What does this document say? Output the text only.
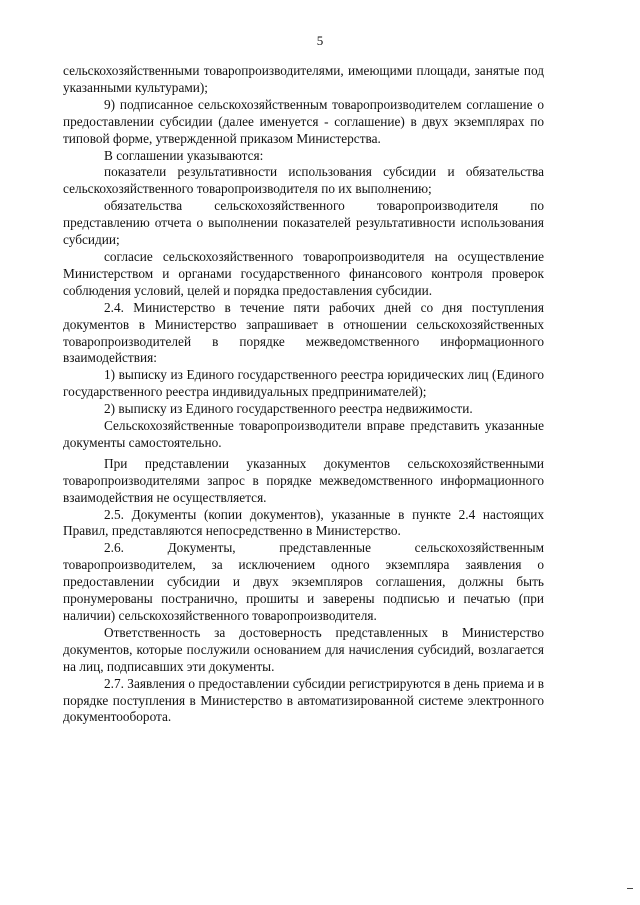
5

сельскохозяйственными товаропроизводителями, имеющими площади, занятые под указанными культурами);

9) подписанное сельскохозяйственным товаропроизводителем соглашение о предоставлении субсидии (далее именуется - соглашение) в двух экземплярах по типовой форме, утвержденной приказом Министерства.

В соглашении указываются:

показатели результативности использования субсидии и обязательства сельскохозяйственного товаропроизводителя по их выполнению;

обязательства сельскохозяйственного товаропроизводителя по представлению отчета о выполнении показателей результативности использования субсидии;

согласие сельскохозяйственного товаропроизводителя на осуществление Министерством и органами государственного финансового контроля проверок соблюдения условий, целей и порядка предоставления субсидии.

2.4. Министерство в течение пяти рабочих дней со дня поступления документов в Министерство запрашивает в отношении сельскохозяйственных товаропроизводителей в порядке межведомственного информационного взаимодействия:

1) выписку из Единого государственного реестра юридических лиц (Единого государственного реестра индивидуальных предпринимателей);

2) выписку из Единого государственного реестра недвижимости.

Сельскохозяйственные товаропроизводители вправе представить указанные документы самостоятельно.

При представлении указанных документов сельскохозяйственными товаропроизводителями запрос в порядке межведомственного информационного взаимодействия не осуществляется.

2.5. Документы (копии документов), указанные в пункте 2.4 настоящих Правил, представляются непосредственно в Министерство.

2.6. Документы, представленные сельскохозяйственным товаропроизводителем, за исключением одного экземпляра заявления о предоставлении субсидии и двух экземпляров соглашения, должны быть пронумерованы постранично, прошиты и заверены подписью и печатью (при наличии) сельскохозяйственного товаропроизводителя.

Ответственность за достоверность представленных в Министерство документов, которые послужили основанием для начисления субсидий, возлагается на лиц, подписавших эти документы.

2.7. Заявления о предоставлении субсидии регистрируются в день приема и в порядке поступления в Министерство в автоматизированной системе электронного документооборота.
